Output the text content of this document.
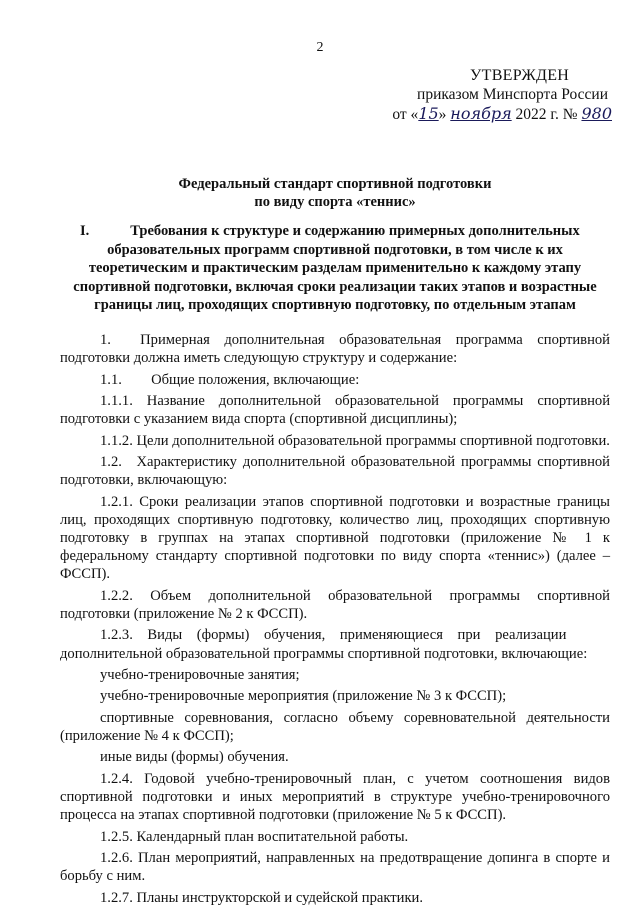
2
УТВЕРЖДЕН
приказом Минспорта России
от «15» ноября 2022 г. № 980
Федеральный стандарт спортивной подготовки
по виду спорта «теннис»
I.	Требования к структуре и содержанию примерных дополнительных образовательных программ спортивной подготовки, в том числе к их теоретическим и практическим разделам применительно к каждому этапу спортивной подготовки, включая сроки реализации таких этапов и возрастные границы лиц, проходящих спортивную подготовку, по отдельным этапам

1.  Примерная дополнительная образовательная программа спортивной подготовки должна иметь следующую структуру и содержание:

1.1.  Общие положения, включающие:

1.1.1. Название дополнительной образовательной программы спортивной подготовки с указанием вида спорта (спортивной дисциплины);

1.1.2. Цели дополнительной образовательной программы спортивной подготовки.

1.2. Характеристику дополнительной образовательной программы спортивной подготовки, включающую:

1.2.1. Сроки реализации этапов спортивной подготовки и возрастные границы лиц, проходящих спортивную подготовку, количество лиц, проходящих спортивную подготовку в группах на этапах спортивной подготовки (приложение № 1 к федеральному стандарту спортивной подготовки по виду спорта «теннис») (далее – ФССП).

1.2.2. Объем дополнительной образовательной программы спортивной подготовки (приложение № 2 к ФССП).

1.2.3. Виды (формы) обучения, применяющиеся при реализации дополнительной образовательной программы спортивной подготовки, включающие:

учебно-тренировочные занятия;

учебно-тренировочные мероприятия (приложение № 3 к ФССП);

спортивные соревнования, согласно объему соревновательной деятельности (приложение № 4 к ФССП);

иные виды (формы) обучения.

1.2.4. Годовой учебно-тренировочный план, с учетом соотношения видов спортивной подготовки и иных мероприятий в структуре учебно-тренировочного процесса на этапах спортивной подготовки (приложение № 5 к ФССП).

1.2.5. Календарный план воспитательной работы.

1.2.6. План мероприятий, направленных на предотвращение допинга в спорте и борьбу с ним.

1.2.7. Планы инструкторской и судейской практики.
